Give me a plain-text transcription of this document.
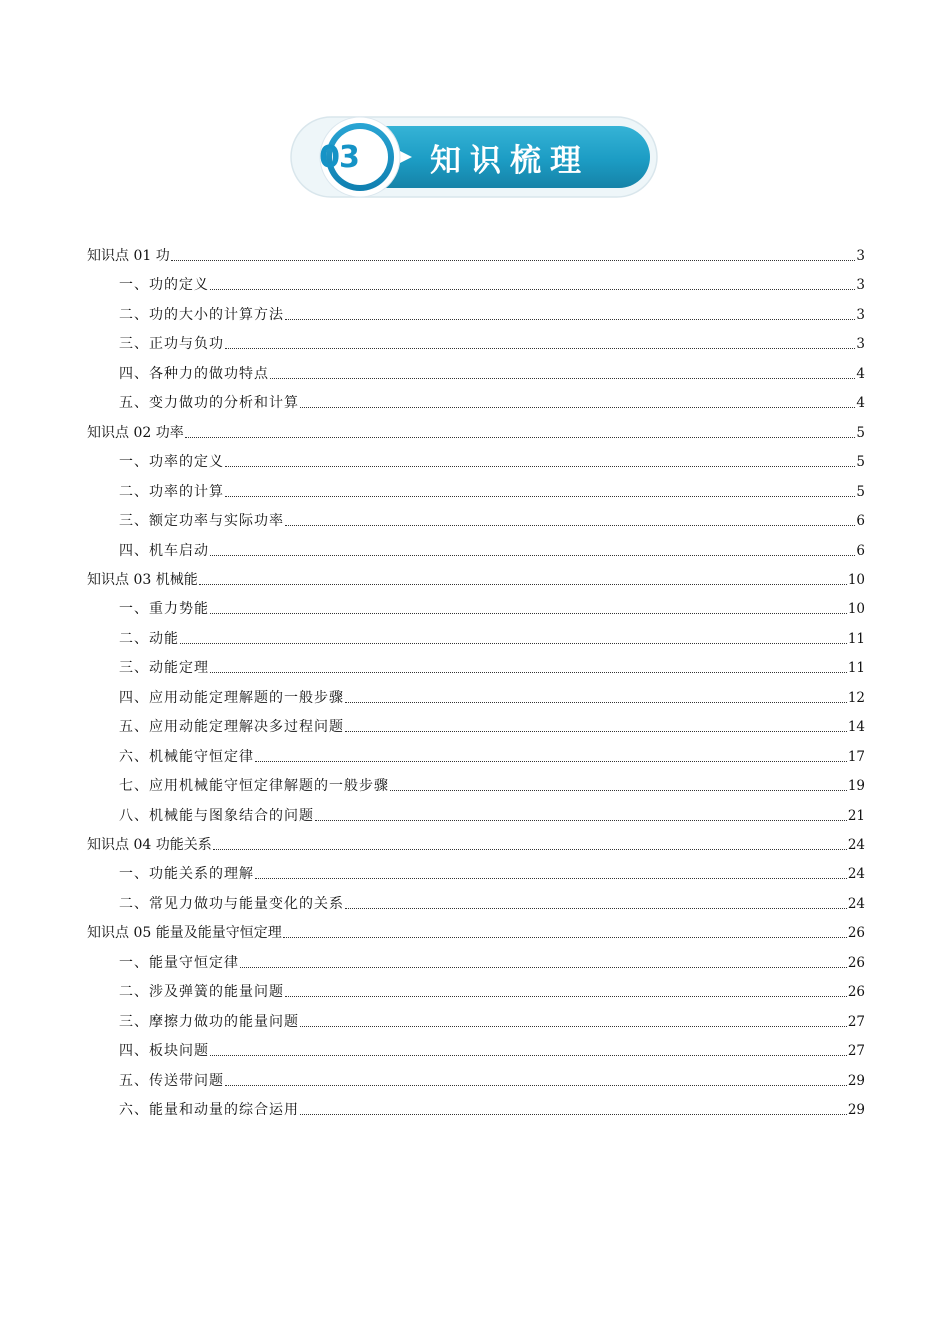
03 知识梳理
知识点 01 功	3
一、功的定义	3
二、功的大小的计算方法	3
三、正功与负功	3
四、各种力的做功特点	4
五、变力做功的分析和计算	4
知识点 02 功率	5
一、功率的定义	5
二、功率的计算	5
三、额定功率与实际功率	6
四、机车启动	6
知识点 03 机械能	10
一、重力势能	10
二、动能	11
三、动能定理	11
四、应用动能定理解题的一般步骤	12
五、应用动能定理解决多过程问题	14
六、机械能守恒定律	17
七、应用机械能守恒定律解题的一般步骤	19
八、机械能与图象结合的问题	21
知识点 04 功能关系	24
一、功能关系的理解	24
二、常见力做功与能量变化的关系	24
知识点 05 能量及能量守恒定理	26
一、能量守恒定律	26
二、涉及弹簧的能量问题	26
三、摩擦力做功的能量问题	27
四、板块问题	27
五、传送带问题	29
六、能量和动量的综合运用	29
